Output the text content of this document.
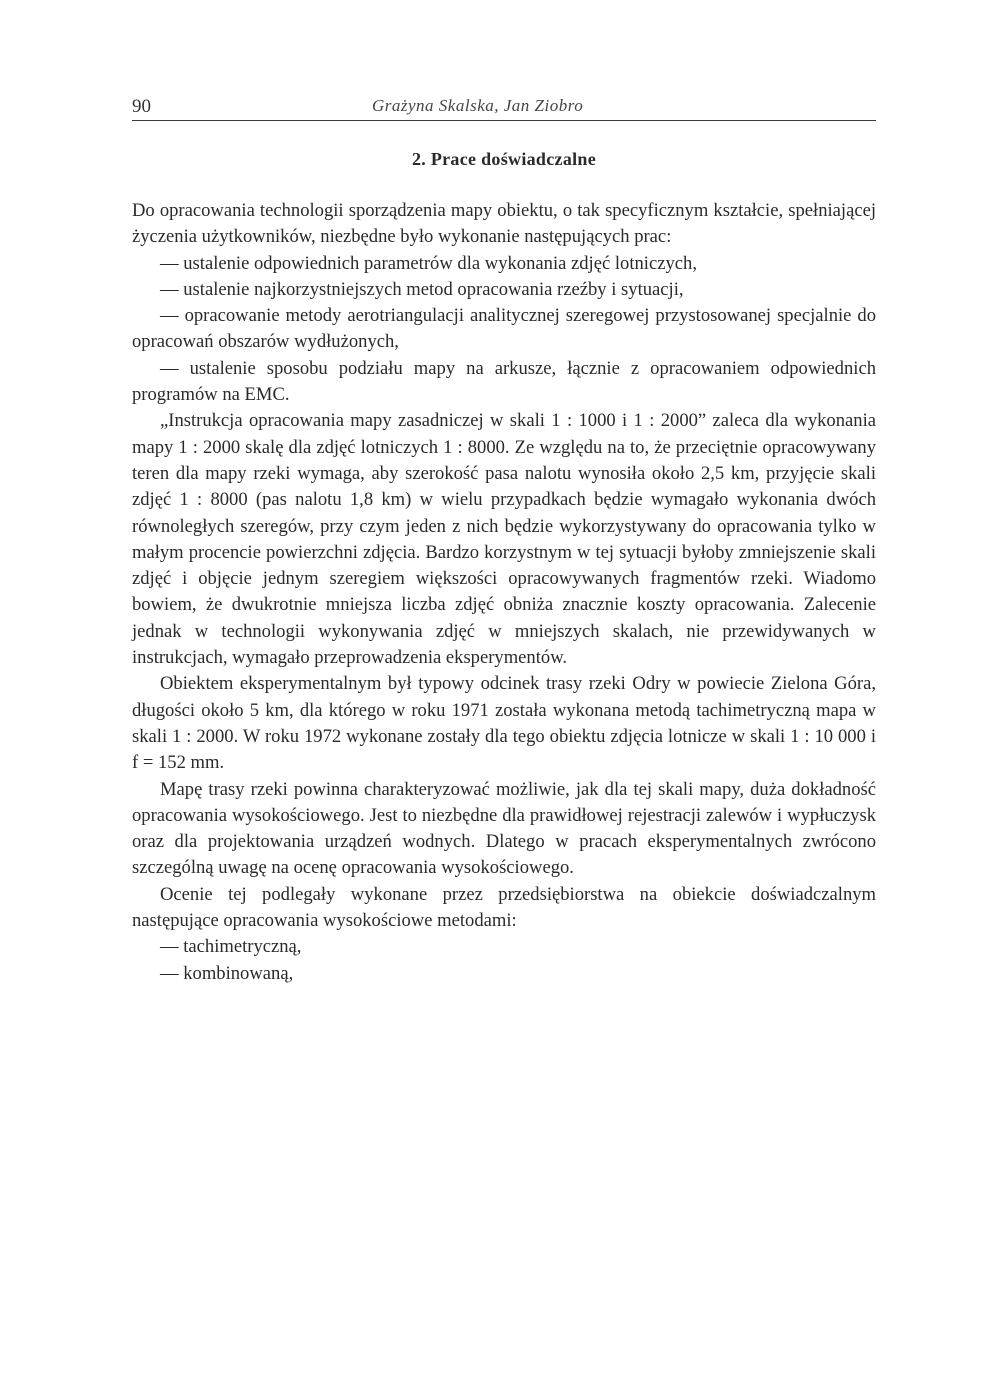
90	Grażyna Skalska, Jan Ziobro
2. Prace doświadczalne

Do opracowania technologii sporządzenia mapy obiektu, o tak specyficznym kształcie, spełniającej życzenia użytkowników, niezbędne było wykonanie następujących prac:

— ustalenie odpowiednich parametrów dla wykonania zdjęć lotniczych,

— ustalenie najkorzystniejszych metod opracowania rzeźby i sytuacji,

— opracowanie metody aerotriangulacji analitycznej szeregowej przystosowanej specjalnie do opracowań obszarów wydłużonych,

— ustalenie sposobu podziału mapy na arkusze, łącznie z opracowaniem odpowiednich programów na EMC.

„Instrukcja opracowania mapy zasadniczej w skali 1 : 1000 i 1 : 2000” zaleca dla wykonania mapy 1 : 2000 skalę dla zdjęć lotniczych 1 : 8000. Ze względu na to, że przeciętnie opracowywany teren dla mapy rzeki wymaga, aby szerokość pasa nalotu wynosiła około 2,5 km, przyjęcie skali zdjęć 1 : 8000 (pas nalotu 1,8 km) w wielu przypadkach będzie wymagało wykonania dwóch równoległych szeregów, przy czym jeden z nich będzie wykorzystywany do opracowania tylko w małym procencie powierzchni zdjęcia. Bardzo korzystnym w tej sytuacji byłoby zmniejszenie skali zdjęć i objęcie jednym szeregiem większości opracowywanych fragmentów rzeki. Wiadomo bowiem, że dwukrotnie mniejsza liczba zdjęć obniża znacznie koszty opracowania. Zalecenie jednak w technologii wykonywania zdjęć w mniejszych skalach, nie przewidywanych w instrukcjach, wymagało przeprowadzenia eksperymentów.

Obiektem eksperymentalnym był typowy odcinek trasy rzeki Odry w powiecie Zielona Góra, długości około 5 km, dla którego w roku 1971 została wykonana metodą tachimetryczną mapa w skali 1 : 2000. W roku 1972 wykonane zostały dla tego obiektu zdjęcia lotnicze w skali 1 : 10 000 i f = 152 mm.

Mapę trasy rzeki powinna charakteryzować możliwie, jak dla tej skali mapy, duża dokładność opracowania wysokościowego. Jest to niezbędne dla prawidłowej rejestracji zalewów i wypłuczysk oraz dla projektowania urządzeń wodnych. Dlatego w pracach eksperymentalnych zwrócono szczególną uwagę na ocenę opracowania wysokościowego.

Ocenie tej podlegały wykonane przez przedsiębiorstwa na obiekcie doświadczalnym następujące opracowania wysokościowe metodami:

— tachimetryczną,

— kombinowaną,
